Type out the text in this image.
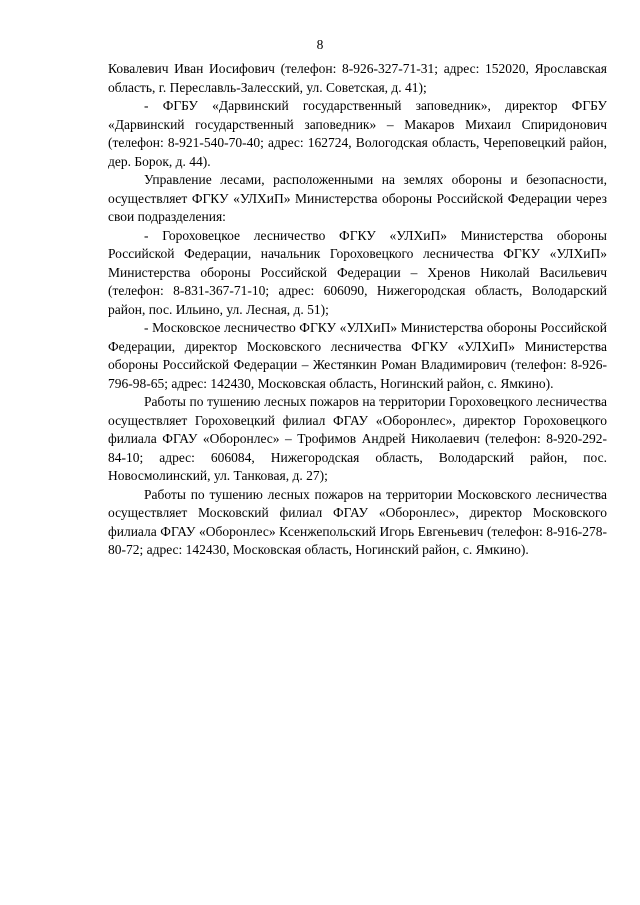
8

Ковалевич Иван Иосифович (телефон: 8-926-327-71-31; адрес: 152020, Ярославская область, г. Переславль-Залесский, ул. Советская, д. 41);

- ФГБУ «Дарвинский государственный заповедник», директор ФГБУ «Дарвинский государственный заповедник» – Макаров Михаил Спиридонович (телефон: 8-921-540-70-40; адрес: 162724, Вологодская область, Череповецкий район, дер. Борок, д. 44).

Управление лесами, расположенными на землях обороны и безопасности, осуществляет ФГКУ «УЛХиП» Министерства обороны Российской Федерации через свои подразделения:

- Гороховецкое лесничество ФГКУ «УЛХиП» Министерства обороны Российской Федерации, начальник Гороховецкого лесничества ФГКУ «УЛХиП» Министерства обороны Российской Федерации – Хренов Николай Васильевич (телефон: 8-831-367-71-10; адрес: 606090, Нижегородская область, Володарский район, пос. Ильино, ул. Лесная, д. 51);

- Московское лесничество ФГКУ «УЛХиП» Министерства обороны Российской Федерации, директор Московского лесничества ФГКУ «УЛХиП» Министерства обороны Российской Федерации – Жестянкин Роман Владимирович (телефон: 8-926-796-98-65; адрес: 142430, Московская область, Ногинский район, с. Ямкино).

Работы по тушению лесных пожаров на территории Гороховецкого лесничества осуществляет Гороховецкий филиал ФГАУ «Оборонлес», директор Гороховецкого филиала ФГАУ «Оборонлес» – Трофимов Андрей Николаевич (телефон: 8-920-292-84-10; адрес: 606084, Нижегородская область, Володарский район, пос. Новосмолинский, ул. Танковая, д. 27);

Работы по тушению лесных пожаров на территории Московского лесничества осуществляет Московский филиал ФГАУ «Оборонлес», директор Московского филиала ФГАУ «Оборонлес» Ксенжепольский Игорь Евгеньевич (телефон: 8-916-278-80-72; адрес: 142430, Московская область, Ногинский район, с. Ямкино).
